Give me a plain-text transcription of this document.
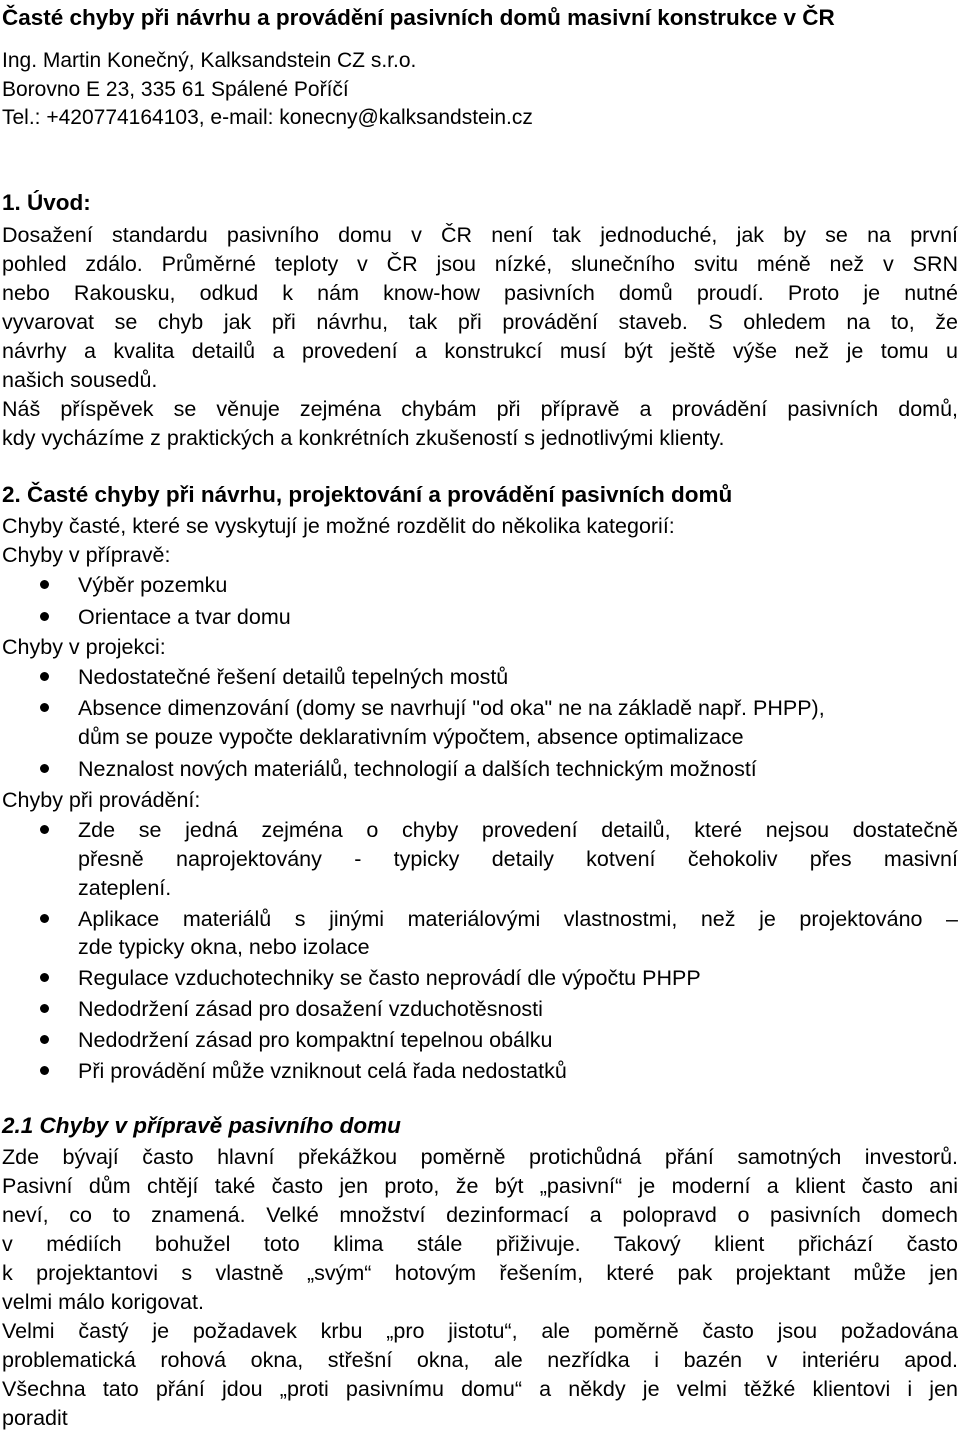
Časté chyby při návrhu a provádění pasivních domů masivní konstrukce v ČR
Ing. Martin Konečný, Kalksandstein CZ s.r.o.
Borovno E 23, 335 61 Spálené Poříčí
Tel.: +420774164103, e-mail: konecny@kalksandstein.cz
1. Úvod:
Dosažení standardu pasivního domu v ČR není tak jednoduché, jak by se na první
pohled zdálo. Průměrné teploty v ČR jsou nízké, slunečního svitu méně než v SRN
nebo Rakousku, odkud k nám know-how pasivních domů proudí. Proto je nutné
vyvarovat se chyb jak při návrhu, tak při provádění staveb. S ohledem na to, že
návrhy a kvalita detailů a provedení a konstrukcí musí být ještě výše než je tomu u
našich sousedů.
Náš příspěvek se věnuje zejména chybám při přípravě a provádění pasivních domů,
kdy vycházíme z praktických a konkrétních zkušeností s jednotlivými klienty.
2. Časté chyby při návrhu, projektování a provádění pasivních domů
Chyby časté, které se vyskytují je možné rozdělit do několika kategorií:
Chyby v přípravě:
Výběr pozemku
Orientace a tvar domu
Chyby v projekci:
Nedostatečné řešení detailů tepelných mostů
Absence dimenzování (domy se navrhují "od oka" ne na základě např. PHPP),
dům se pouze vypočte deklarativním výpočtem, absence optimalizace
Neznalost nových materiálů, technologií a dalších technickým možností
Chyby při provádění:
Zde se jedná zejména o chyby provedení detailů, které nejsou dostatečně
přesně naprojektovány - typicky detaily kotvení čehokoliv přes masivní
zateplení.
Aplikace materiálů s jinými materiálovými vlastnostmi, než je projektováno –
zde typicky okna, nebo izolace
Regulace vzduchotechniky se často neprovádí dle výpočtu PHPP
Nedodržení zásad pro dosažení vzduchotěsnosti
Nedodržení zásad pro kompaktní tepelnou obálku
Při provádění může vzniknout celá řada nedostatků
2.1 Chyby v přípravě pasivního domu
Zde bývají často hlavní překážkou poměrně protichůdná přání samotných investorů.
Pasivní dům chtějí také často jen proto, že být „pasivní“ je moderní a klient často ani
neví, co to znamená. Velké množství dezinformací a polopravd o pasivních domech
v médiích bohužel toto klima stále přiživuje. Takový klient přichází často
k projektantovi s vlastně „svým“ hotovým řešením, které pak projektant může jen
velmi málo korigovat.
Velmi častý je požadavek krbu „pro jistotu“, ale poměrně často jsou požadována
problematická rohová okna, střešní okna, ale nezřídka i bazén v interiéru apod.
Všechna tato přání jdou „proti pasivnímu domu“ a někdy je velmi těžké klientovi i jen
poradit
